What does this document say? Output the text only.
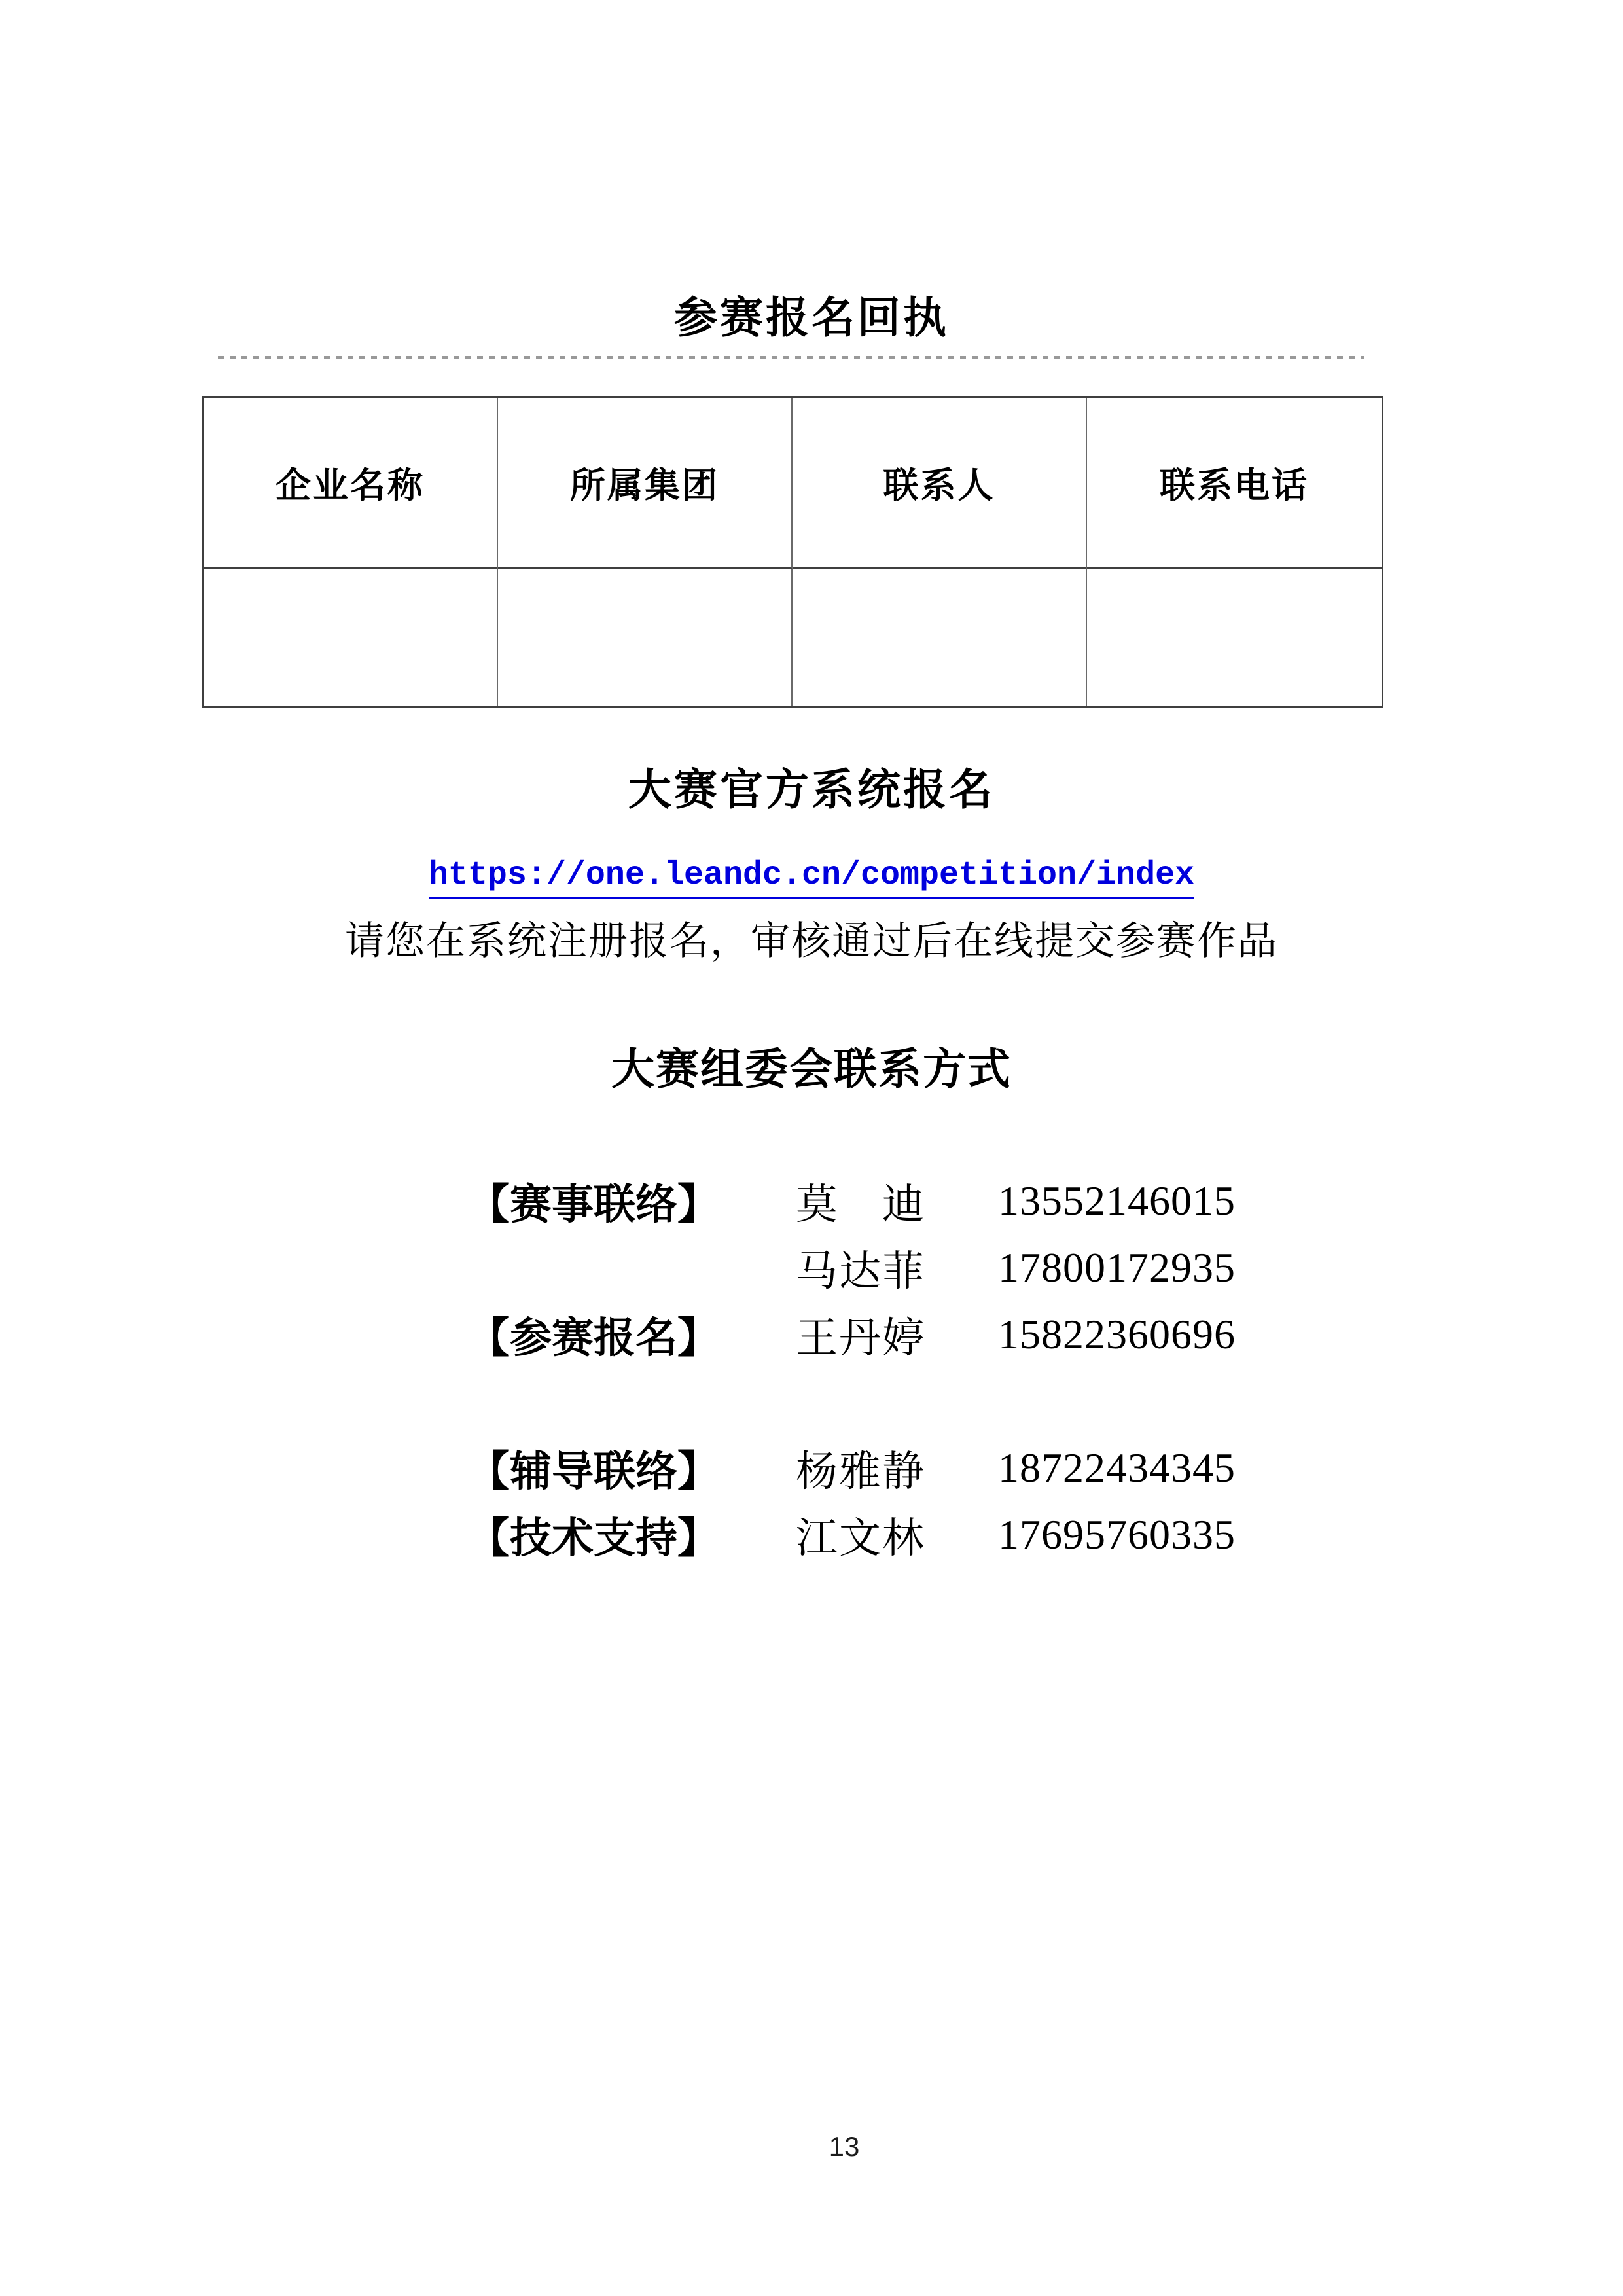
参赛报名回执
企业名称	所属集团	联系人	联系电话
大赛官方系统报名
https://one.leandc.cn/competition/index
请您在系统注册报名，审核通过后在线提交参赛作品
大赛组委会联系方式
【赛事联络】 莫　迪 13552146015
马达菲 17800172935
【参赛报名】 王丹婷 15822360696
【辅导联络】 杨雅静 18722434345
【技术支持】 江文林 17695760335
13
